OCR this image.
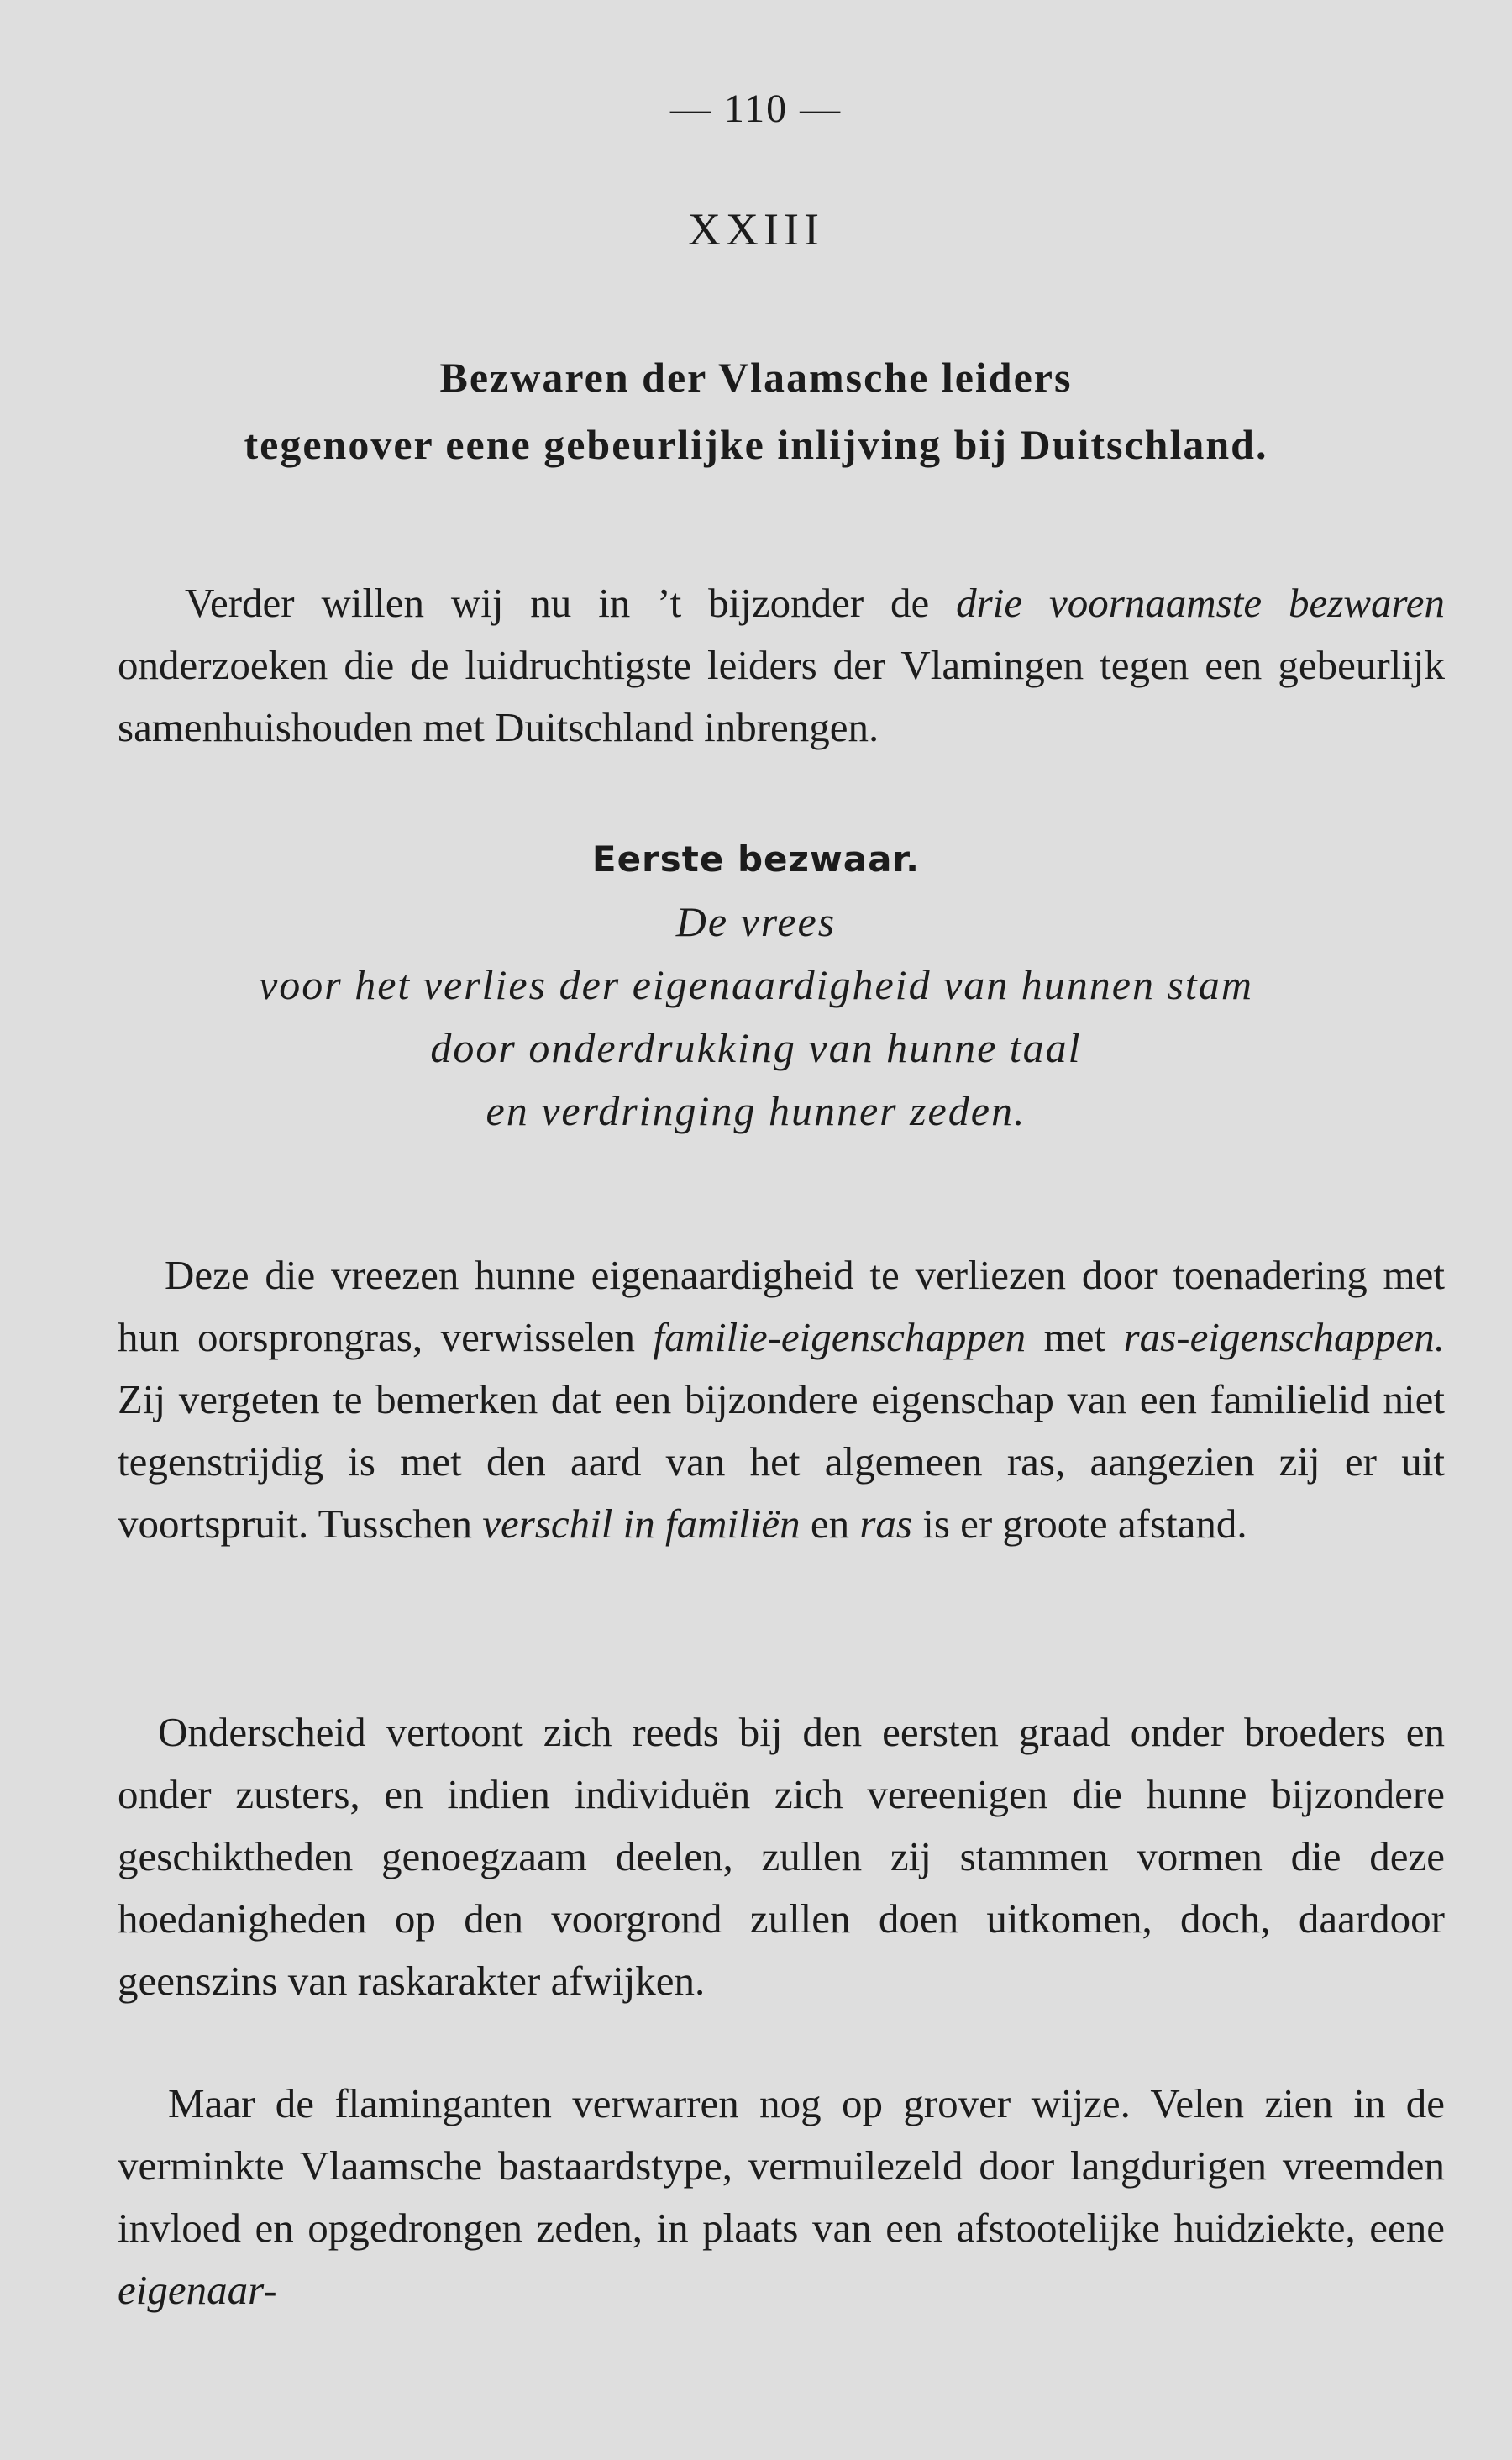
— 110 —
XXIII
Bezwaren der Vlaamsche leiders
tegenover eene gebeurlijke inlijving bij Duitschland.

Verder willen wij nu in ’t bijzonder de drie voornaamste bezwaren onderzoeken die de luidruchtigste leiders der Vlamingen tegen een gebeurlijk samenhuishouden met Duitschland inbrengen.

Eerste bezwaar.
De vrees
voor het verlies der eigenaardigheid van hunnen stam
door onderdrukking van hunne taal
en verdringing hunner zeden.

Deze die vreezen hunne eigenaardigheid te verliezen door toenadering met hun oorsprongras, verwisselen familie-eigenschappen met ras-eigenschappen. Zij vergeten te bemerken dat een bijzondere eigenschap van een familielid niet tegenstrijdig is met den aard van het algemeen ras, aangezien zij er uit voortspruit. Tusschen verschil in familiën en ras is er groote afstand.

Onderscheid vertoont zich reeds bij den eersten graad onder broeders en onder zusters, en indien individuën zich vereenigen die hunne bijzondere geschiktheden genoegzaam deelen, zullen zij stammen vormen die deze hoedanigheden op den voorgrond zullen doen uitkomen, doch, daardoor geenszins van raskarakter afwijken.

Maar de flaminganten verwarren nog op grover wijze. Velen zien in de verminkte Vlaamsche bastaardstype, vermuilezeld door langdurigen vreemden invloed en opgedrongen zeden, in plaats van een afstootelijke huidziekte, eene eigenaar-
